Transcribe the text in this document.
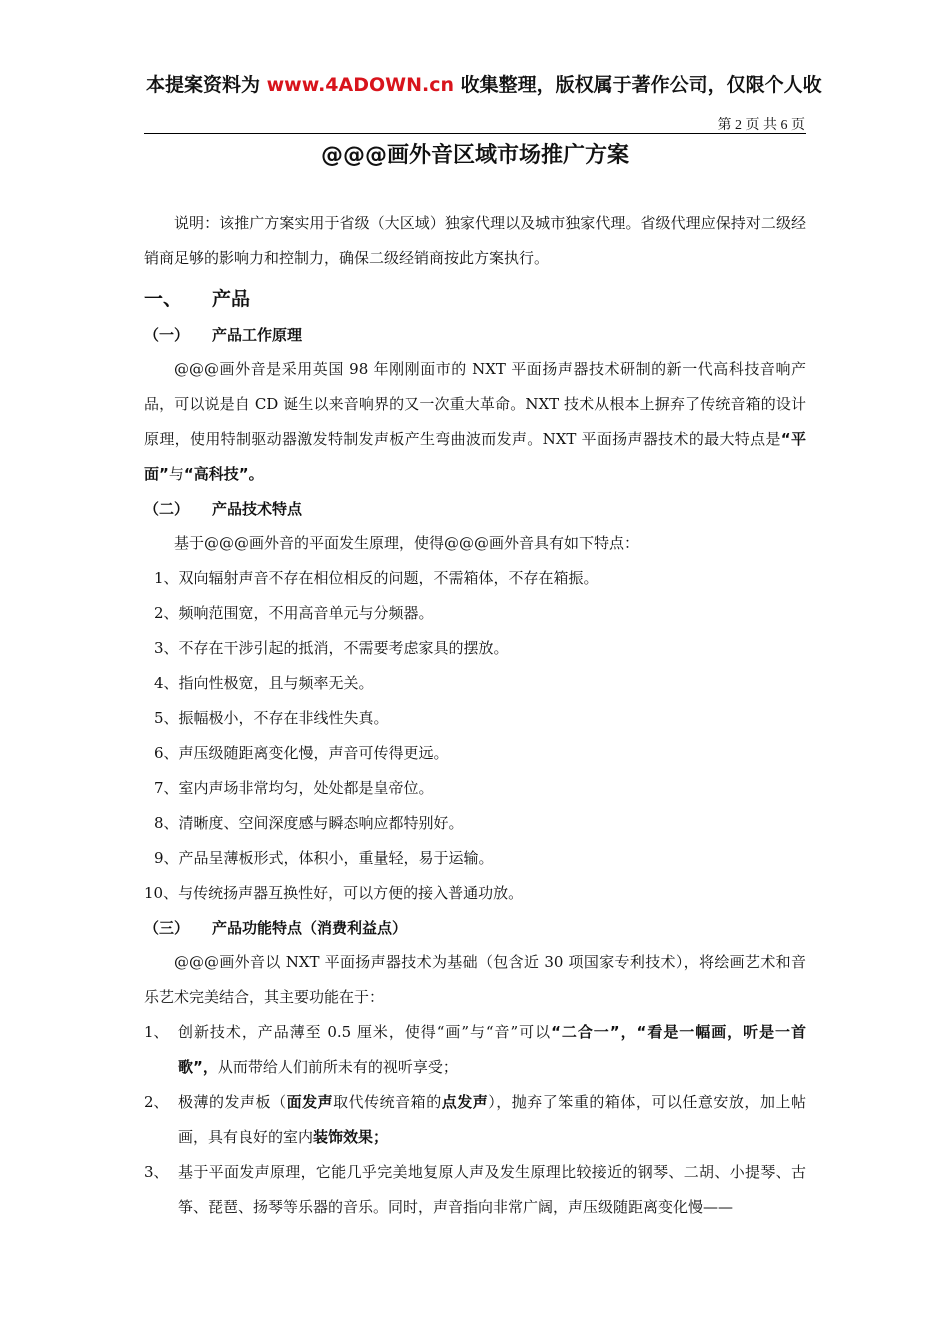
本提案资料为 www.4ADOWN.cn 收集整理，版权属于著作公司，仅限个人收
第 2 页 共 6 页
@@@画外音区域市场推广方案

说明：该推广方案实用于省级（大区域）独家代理以及城市独家代理。省级代理应保持对二级经销商足够的影响力和控制力，确保二级经销商按此方案执行。

一、	产品
（一）	产品工作原理

@@@画外音是采用英国 98 年刚刚面市的 NXT 平面扬声器技术研制的新一代高科技音响产品，可以说是自 CD 诞生以来音响界的又一次重大革命。NXT 技术从根本上摒弃了传统音箱的设计原理，使用特制驱动器激发特制发声板产生弯曲波而发声。NXT 平面扬声器技术的最大特点是“平面”与“高科技”。

（二）	产品技术特点

基于@@@画外音的平面发生原理，使得@@@画外音具有如下特点：

1、双向辐射声音不存在相位相反的问题，不需箱体，不存在箱振。

2、频响范围宽，不用高音单元与分频器。

3、不存在干涉引起的抵消，不需要考虑家具的摆放。

4、指向性极宽，且与频率无关。

5、振幅极小，不存在非线性失真。

6、声压级随距离变化慢，声音可传得更远。

7、室内声场非常均匀，处处都是皇帝位。

8、清晰度、空间深度感与瞬态响应都特别好。

9、产品呈薄板形式，体积小，重量轻，易于运输。

10、与传统扬声器互换性好，可以方便的接入普通功放。

（三）	产品功能特点（消费利益点）

@@@画外音以 NXT 平面扬声器技术为基础（包含近 30 项国家专利技术），将绘画艺术和音乐艺术完美结合，其主要功能在于：

1、 创新技术，产品薄至 0.5 厘米，使得“画”与“音”可以“二合一”，“看是一幅画，听是一首歌”，从而带给人们前所未有的视听享受；

2、 极薄的发声板（面发声取代传统音箱的点发声），抛弃了笨重的箱体，可以任意安放，加上帖画，具有良好的室内装饰效果；

3、 基于平面发声原理，它能几乎完美地复原人声及发生原理比较接近的钢琴、二胡、小提琴、古筝、琵琶、扬琴等乐器的音乐。同时，声音指向非常广阔，声压级随距离变化慢——
